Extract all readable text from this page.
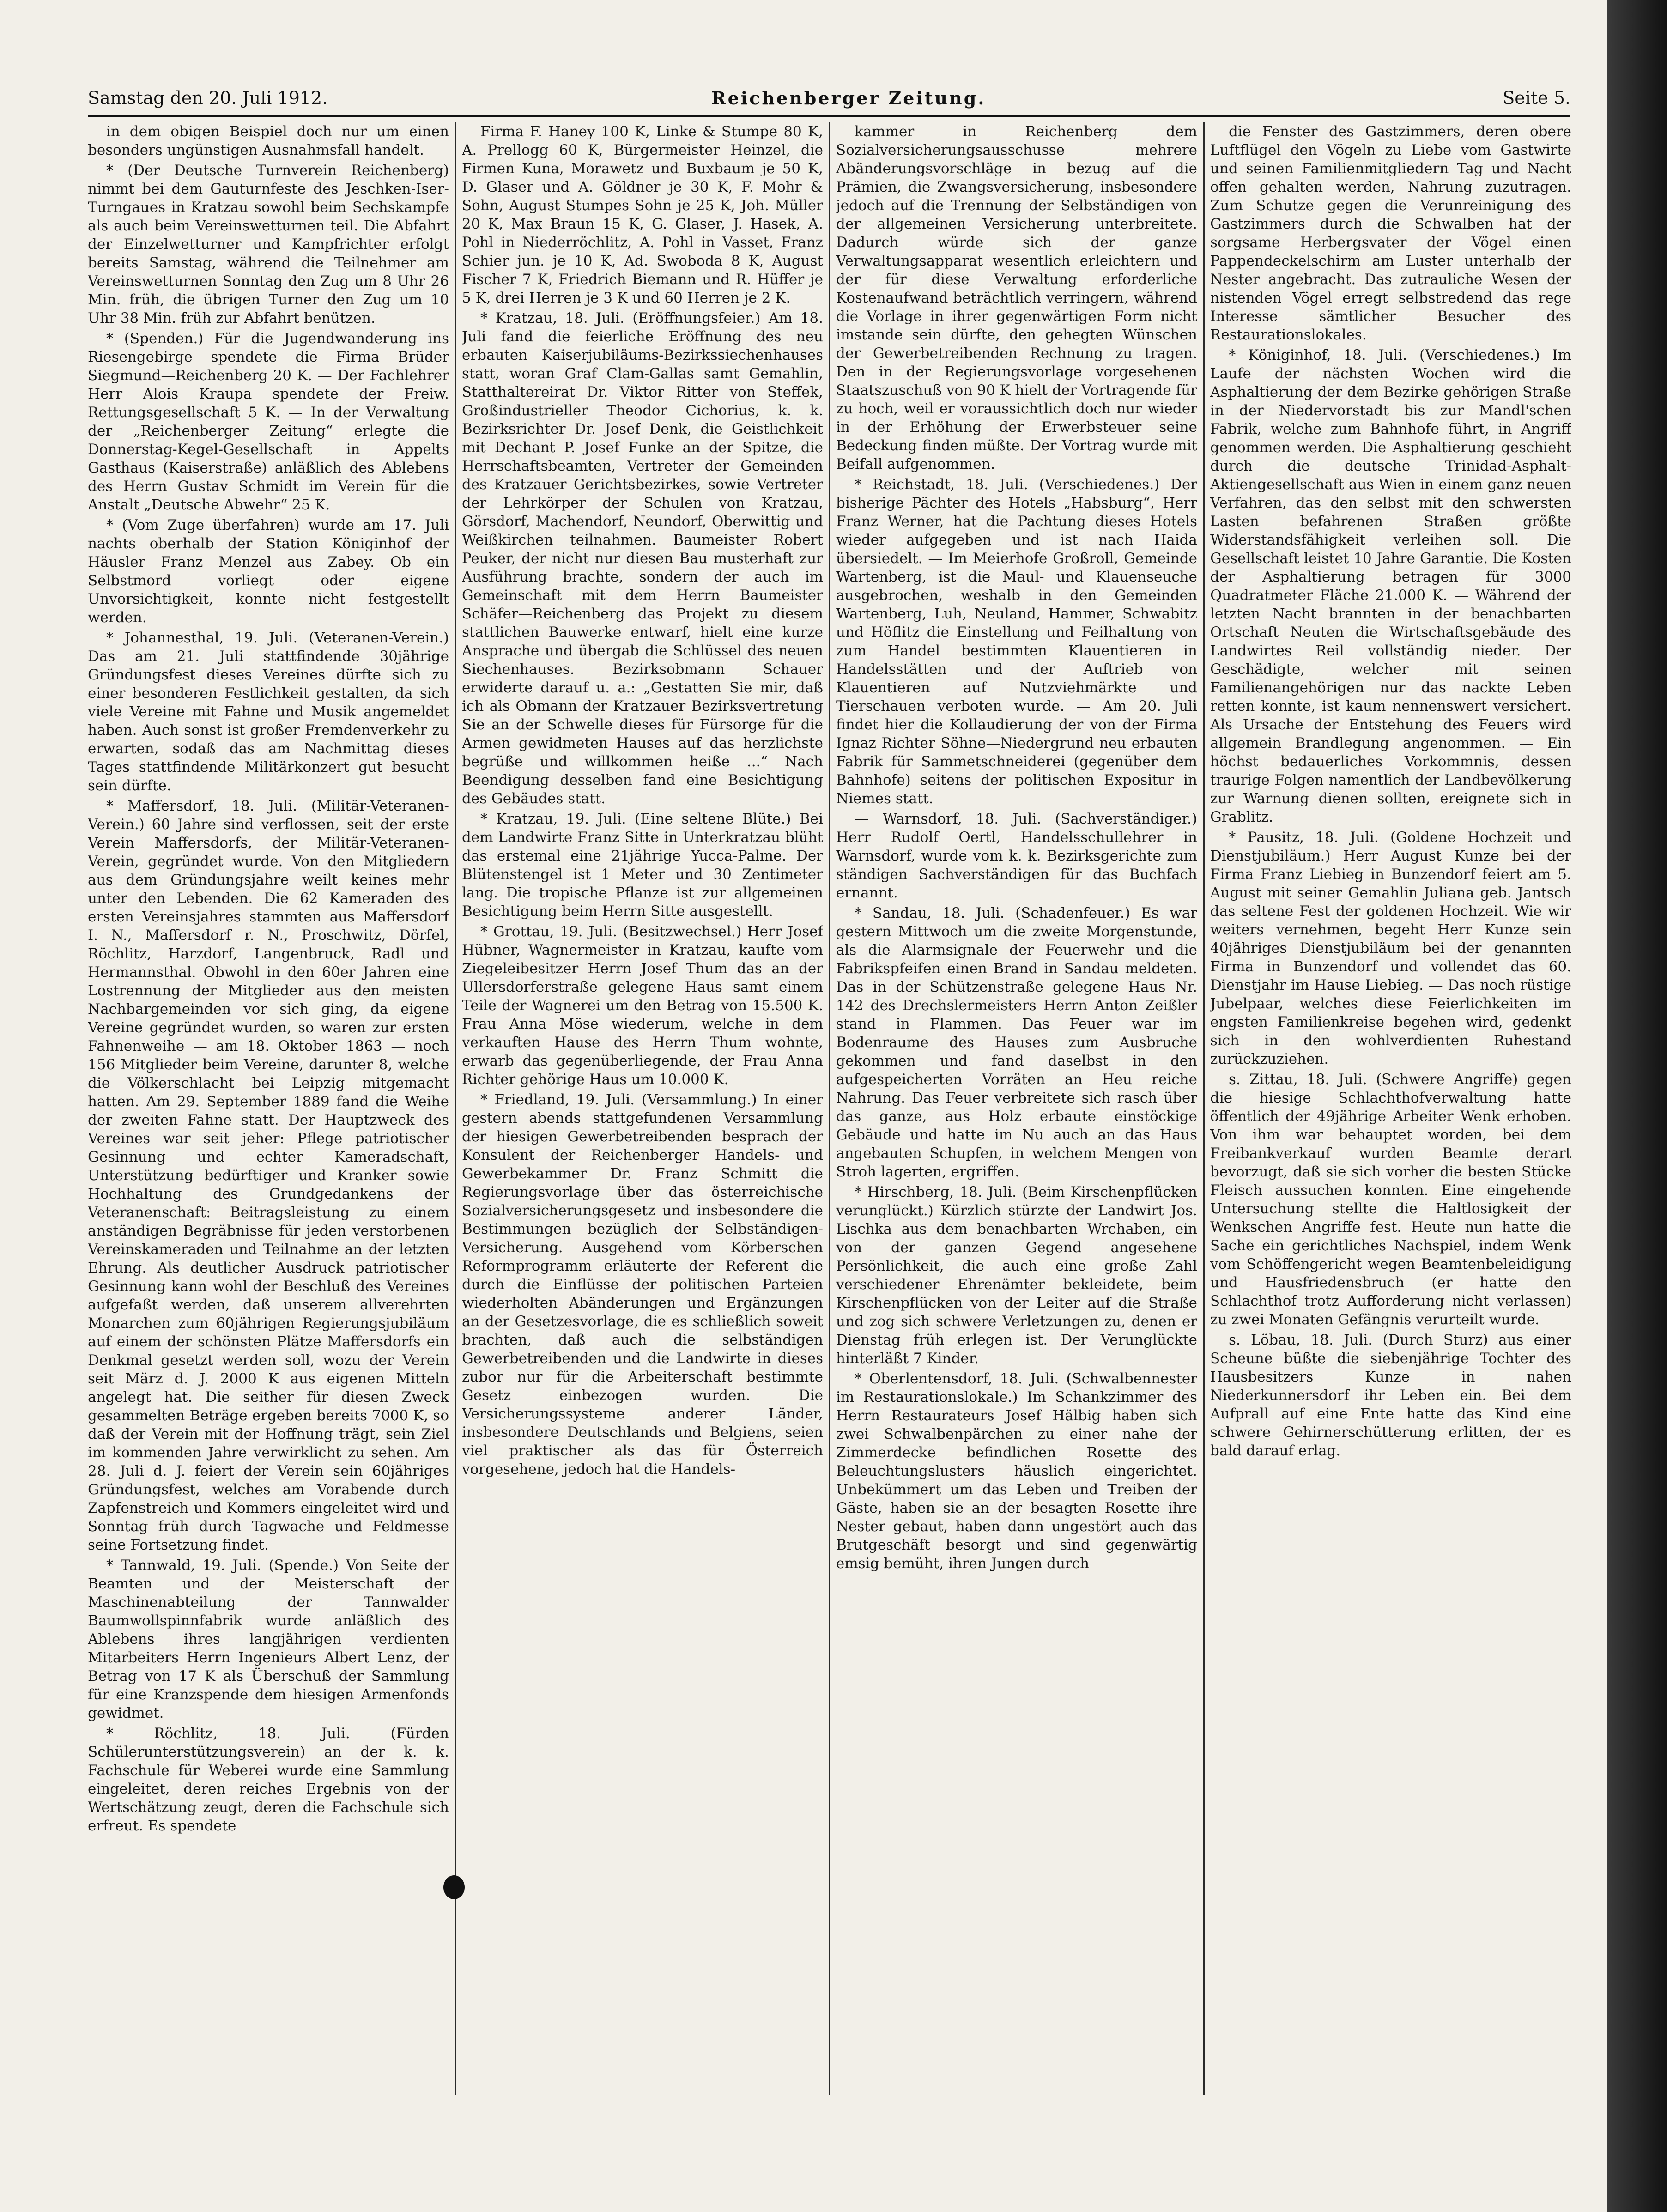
Samstag den 20. Juli 1912.	Reichenberger Zeitung.	Seite 5.

in dem obigen Beispiel doch nur um einen besonders ungünstigen Ausnahmsfall handelt.

* (Der Deutsche Turnverein Reichenberg) nimmt bei dem Gauturnfeste des Jeschken-Iser-Turngaues in Kratzau sowohl beim Sechskampfe als auch beim Vereinswetturnen teil. Die Abfahrt der Einzelwetturner und Kampfrichter erfolgt bereits Samstag, während die Teilnehmer am Vereinswetturnen Sonntag den Zug um 8 Uhr 26 Min. früh, die übrigen Turner den Zug um 10 Uhr 38 Min. früh zur Abfahrt benützen.

* (Spenden.) Für die Jugendwanderung ins Riesengebirge spendete die Firma Brüder Siegmund—Reichenberg 20 K. — Der Fachlehrer Herr Alois Kraupa spendete der Freiw. Rettungsgesellschaft 5 K. — In der Verwaltung der „Reichenberger Zeitung“ erlegte die Donnerstag-Kegel-Gesellschaft in Appelts Gasthaus (Kaiserstraße) anläßlich des Ablebens des Herrn Gustav Schmidt im Verein für die Anstalt „Deutsche Abwehr“ 25 K.

* (Vom Zuge überfahren) wurde am 17. Juli nachts oberhalb der Station Königinhof der Häusler Franz Menzel aus Zabey. Ob ein Selbstmord vorliegt oder eigene Unvorsichtigkeit, konnte nicht festgestellt werden.

* Johannesthal, 19. Juli. (Veteranen-Verein.) Das am 21. Juli stattfindende 30jährige Gründungsfest dieses Vereines dürfte sich zu einer besonderen Festlichkeit gestalten, da sich viele Vereine mit Fahne und Musik angemeldet haben. Auch sonst ist großer Fremdenverkehr zu erwarten, sodaß das am Nachmittag dieses Tages stattfindende Militärkonzert gut besucht sein dürfte.

* Maffersdorf, 18. Juli. (Militär-Veteranen-Verein.) 60 Jahre sind verflossen, seit der erste Verein Maffersdorfs, der Militär-Veteranen-Verein, gegründet wurde. Von den Mitgliedern aus dem Gründungsjahre weilt keines mehr unter den Lebenden. Die 62 Kameraden des ersten Vereinsjahres stammten aus Maffersdorf I. N., Maffersdorf r. N., Proschwitz, Dörfel, Röchlitz, Harzdorf, Langenbruck, Radl und Hermannsthal. Obwohl in den 60er Jahren eine Lostrennung der Mitglieder aus den meisten Nachbargemeinden vor sich ging, da eigene Vereine gegründet wurden, so waren zur ersten Fahnenweihe — am 18. Oktober 1863 — noch 156 Mitglieder beim Vereine, darunter 8, welche die Völkerschlacht bei Leipzig mitgemacht hatten. Am 29. September 1889 fand die Weihe der zweiten Fahne statt. Der Hauptzweck des Vereines war seit jeher: Pflege patriotischer Gesinnung und echter Kameradschaft, Unterstützung bedürftiger und Kranker sowie Hochhaltung des Grundgedankens der Veteranenschaft: Beitragsleistung zu einem anständigen Begräbnisse für jeden verstorbenen Vereinskameraden und Teilnahme an der letzten Ehrung. Als deutlicher Ausdruck patriotischer Gesinnung kann wohl der Beschluß des Vereines aufgefaßt werden, daß unserem allverehrten Monarchen zum 60jährigen Regierungsjubiläum auf einem der schönsten Plätze Maffersdorfs ein Denkmal gesetzt werden soll, wozu der Verein seit März d. J. 2000 K aus eigenen Mitteln angelegt hat. Die seither für diesen Zweck gesammelten Beträge ergeben bereits 7000 K, so daß der Verein mit der Hoffnung trägt, sein Ziel im kommenden Jahre verwirklicht zu sehen. Am 28. Juli d. J. feiert der Verein sein 60jähriges Gründungsfest, welches am Vorabende durch Zapfenstreich und Kommers eingeleitet wird und Sonntag früh durch Tagwache und Feldmesse seine Fortsetzung findet.

* Tannwald, 19. Juli. (Spende.) Von Seite der Beamten und der Meisterschaft der Maschinenabteilung der Tannwalder Baumwollspinnfabrik wurde anläßlich des Ablebens ihres langjährigen verdienten Mitarbeiters Herrn Ingenieurs Albert Lenz, der Betrag von 17 K als Überschuß der Sammlung für eine Kranzspende dem hiesigen Armenfonds gewidmet.

* Röchlitz, 18. Juli. (Fürden Schülerunterstützungsverein) an der k. k. Fachschule für Weberei wurde eine Sammlung eingeleitet, deren reiches Ergebnis von der Wertschätzung zeugt, deren die Fachschule sich erfreut. Es spendete

Firma F. Haney 100 K, Linke & Stumpe 80 K, A. Prellogg 60 K, Bürgermeister Heinzel, die Firmen Kuna, Morawetz und Buxbaum je 50 K, D. Glaser und A. Göldner je 30 K, F. Mohr & Sohn, August Stumpes Sohn je 25 K, Joh. Müller 20 K, Max Braun 15 K, G. Glaser, J. Hasek, A. Pohl in Niederröchlitz, A. Pohl in Vasset, Franz Schier jun. je 10 K, Ad. Swoboda 8 K, August Fischer 7 K, Friedrich Biemann und R. Hüffer je 5 K, drei Herren je 3 K und 60 Herren je 2 K.

* Kratzau, 18. Juli. (Eröffnungsfeier.) Am 18. Juli fand die feierliche Eröffnung des neu erbauten Kaiserjubiläums-Bezirkssiechenhauses statt, woran Graf Clam-Gallas samt Gemahlin, Statthaltereirat Dr. Viktor Ritter von Steffek, Großindustrieller Theodor Cichorius, k. k. Bezirksrichter Dr. Josef Denk, die Geistlichkeit mit Dechant P. Josef Funke an der Spitze, die Herrschaftsbeamten, Vertreter der Gemeinden des Kratzauer Gerichtsbezirkes, sowie Vertreter der Lehrkörper der Schulen von Kratzau, Görsdorf, Machendorf, Neundorf, Oberwittig und Weißkirchen teilnahmen. Baumeister Robert Peuker, der nicht nur diesen Bau musterhaft zur Ausführung brachte, sondern der auch im Gemeinschaft mit dem Herrn Baumeister Schäfer—Reichenberg das Projekt zu diesem stattlichen Bauwerke entwarf, hielt eine kurze Ansprache und übergab die Schlüssel des neuen Siechenhauses. Bezirksobmann Schauer erwiderte darauf u. a.: „Gestatten Sie mir, daß ich als Obmann der Kratzauer Bezirksvertretung Sie an der Schwelle dieses für Fürsorge für die Armen gewidmeten Hauses auf das herzlichste begrüße und willkommen heiße ...“ Nach Beendigung desselben fand eine Besichtigung des Gebäudes statt.

* Kratzau, 19. Juli. (Eine seltene Blüte.) Bei dem Landwirte Franz Sitte in Unterkratzau blüht das erstemal eine 21jährige Yucca-Palme. Der Blütenstengel ist 1 Meter und 30 Zentimeter lang. Die tropische Pflanze ist zur allgemeinen Besichtigung beim Herrn Sitte ausgestellt.

* Grottau, 19. Juli. (Besitzwechsel.) Herr Josef Hübner, Wagnermeister in Kratzau, kaufte vom Ziegeleibesitzer Herrn Josef Thum das an der Ullersdorferstraße gelegene Haus samt einem Teile der Wagnerei um den Betrag von 15.500 K. Frau Anna Möse wiederum, welche in dem verkauften Hause des Herrn Thum wohnte, erwarb das gegenüberliegende, der Frau Anna Richter gehörige Haus um 10.000 K.

* Friedland, 19. Juli. (Versammlung.) In einer gestern abends stattgefundenen Versammlung der hiesigen Gewerbetreibenden besprach der Konsulent der Reichenberger Handels- und Gewerbekammer Dr. Franz Schmitt die Regierungsvorlage über das österreichische Sozialversicherungsgesetz und insbesondere die Bestimmungen bezüglich der Selbständigen-Versicherung. Ausgehend vom Körberschen Reformprogramm erläuterte der Referent die durch die Einflüsse der politischen Parteien wiederholten Abänderungen und Ergänzungen an der Gesetzesvorlage, die es schließlich soweit brachten, daß auch die selbständigen Gewerbetreibenden und die Landwirte in dieses zubor nur für die Arbeiterschaft bestimmte Gesetz einbezogen wurden. Die Versicherungssysteme anderer Länder, insbesondere Deutschlands und Belgiens, seien viel praktischer als das für Österreich vorgesehene, jedoch hat die Handels-

kammer in Reichenberg dem Sozialversicherungsausschusse mehrere Abänderungsvorschläge in bezug auf die Prämien, die Zwangsversicherung, insbesondere jedoch auf die Trennung der Selbständigen von der allgemeinen Versicherung unterbreitete. Dadurch würde sich der ganze Verwaltungsapparat wesentlich erleichtern und der für diese Verwaltung erforderliche Kostenaufwand beträchtlich verringern, während die Vorlage in ihrer gegenwärtigen Form nicht imstande sein dürfte, den gehegten Wünschen der Gewerbetreibenden Rechnung zu tragen. Den in der Regierungsvorlage vorgesehenen Staatszuschuß von 90 K hielt der Vortragende für zu hoch, weil er voraussichtlich doch nur wieder in der Erhöhung der Erwerbsteuer seine Bedeckung finden müßte. Der Vortrag wurde mit Beifall aufgenommen.

* Reichstadt, 18. Juli. (Verschiedenes.) Der bisherige Pächter des Hotels „Habsburg“, Herr Franz Werner, hat die Pachtung dieses Hotels wieder aufgegeben und ist nach Haida übersiedelt. — Im Meierhofe Großroll, Gemeinde Wartenberg, ist die Maul- und Klauenseuche ausgebrochen, weshalb in den Gemeinden Wartenberg, Luh, Neuland, Hammer, Schwabitz und Höflitz die Einstellung und Feilhaltung von zum Handel bestimmten Klauentieren in Handelsstätten und der Auftrieb von Klauentieren auf Nutzviehmärkte und Tierschauen verboten wurde. — Am 20. Juli findet hier die Kollaudierung der von der Firma Ignaz Richter Söhne—Niedergrund neu erbauten Fabrik für Sammetschneiderei (gegenüber dem Bahnhofe) seitens der politischen Expositur in Niemes statt.

— Warnsdorf, 18. Juli. (Sachverständiger.) Herr Rudolf Oertl, Handelsschullehrer in Warnsdorf, wurde vom k. k. Bezirksgerichte zum ständigen Sachverständigen für das Buchfach ernannt.

* Sandau, 18. Juli. (Schadenfeuer.) Es war gestern Mittwoch um die zweite Morgenstunde, als die Alarmsignale der Feuerwehr und die Fabrikspfeifen einen Brand in Sandau meldeten. Das in der Schützenstraße gelegene Haus Nr. 142 des Drechslermeisters Herrn Anton Zeißler stand in Flammen. Das Feuer war im Bodenraume des Hauses zum Ausbruche gekommen und fand daselbst in den aufgespeicherten Vorräten an Heu reiche Nahrung. Das Feuer verbreitete sich rasch über das ganze, aus Holz erbaute einstöckige Gebäude und hatte im Nu auch an das Haus angebauten Schupfen, in welchem Mengen von Stroh lagerten, ergriffen.

* Hirschberg, 18. Juli. (Beim Kirschenpflücken verunglückt.) Kürzlich stürzte der Landwirt Jos. Lischka aus dem benachbarten Wrchaben, ein von der ganzen Gegend angesehene Persönlichkeit, die auch eine große Zahl verschiedener Ehrenämter bekleidete, beim Kirschenpflücken von der Leiter auf die Straße und zog sich schwere Verletzungen zu, denen er Dienstag früh erlegen ist. Der Verunglückte hinterläßt 7 Kinder.

* Oberlentensdorf, 18. Juli. (Schwalbennester im Restaurationslokale.) Im Schankzimmer des Herrn Restaurateurs Josef Hälbig haben sich zwei Schwalbenpärchen zu einer nahe der Zimmerdecke befindlichen Rosette des Beleuchtungslusters häuslich eingerichtet. Unbekümmert um das Leben und Treiben der Gäste, haben sie an der besagten Rosette ihre Nester gebaut, haben dann ungestört auch das Brutgeschäft besorgt und sind gegenwärtig emsig bemüht, ihren Jungen durch

die Fenster des Gastzimmers, deren obere Luftflügel den Vögeln zu Liebe vom Gastwirte und seinen Familienmitgliedern Tag und Nacht offen gehalten werden, Nahrung zuzutragen. Zum Schutze gegen die Verunreinigung des Gastzimmers durch die Schwalben hat der sorgsame Herbergsvater der Vögel einen Pappendeckelschirm am Luster unterhalb der Nester angebracht. Das zutrauliche Wesen der nistenden Vögel erregt selbstredend das rege Interesse sämtlicher Besucher des Restaurationslokales.

* Königinhof, 18. Juli. (Verschiedenes.) Im Laufe der nächsten Wochen wird die Asphaltierung der dem Bezirke gehörigen Straße in der Niedervorstadt bis zur Mandl'schen Fabrik, welche zum Bahnhofe führt, in Angriff genommen werden. Die Asphaltierung geschieht durch die deutsche Trinidad-Asphalt-Aktiengesellschaft aus Wien in einem ganz neuen Verfahren, das den selbst mit den schwersten Lasten befahrenen Straßen größte Widerstandsfähigkeit verleihen soll. Die Gesellschaft leistet 10 Jahre Garantie. Die Kosten der Asphaltierung betragen für 3000 Quadratmeter Fläche 21.000 K. — Während der letzten Nacht brannten in der benachbarten Ortschaft Neuten die Wirtschaftsgebäude des Landwirtes Reil vollständig nieder. Der Geschädigte, welcher mit seinen Familienangehörigen nur das nackte Leben retten konnte, ist kaum nennenswert versichert. Als Ursache der Entstehung des Feuers wird allgemein Brandlegung angenommen. — Ein höchst bedauerliches Vorkommnis, dessen traurige Folgen namentlich der Landbevölkerung zur Warnung dienen sollten, ereignete sich in Grablitz.

* Pausitz, 18. Juli. (Goldene Hochzeit und Dienstjubiläum.) Herr August Kunze bei der Firma Franz Liebieg in Bunzendorf feiert am 5. August mit seiner Gemahlin Juliana geb. Jantsch das seltene Fest der goldenen Hochzeit. Wie wir weiters vernehmen, begeht Herr Kunze sein 40jähriges Dienstjubiläum bei der genannten Firma in Bunzendorf und vollendet das 60. Dienstjahr im Hause Liebieg. — Das noch rüstige Jubelpaar, welches diese Feierlichkeiten im engsten Familienkreise begehen wird, gedenkt sich in den wohlverdienten Ruhestand zurückzuziehen.

s. Zittau, 18. Juli. (Schwere Angriffe) gegen die hiesige Schlachthofverwaltung hatte öffentlich der 49jährige Arbeiter Wenk erhoben. Von ihm war behauptet worden, bei dem Freibankverkauf wurden Beamte derart bevorzugt, daß sie sich vorher die besten Stücke Fleisch aussuchen konnten. Eine eingehende Untersuchung stellte die Haltlosigkeit der Wenkschen Angriffe fest. Heute nun hatte die Sache ein gerichtliches Nachspiel, indem Wenk vom Schöffengericht wegen Beamtenbeleidigung und Hausfriedensbruch (er hatte den Schlachthof trotz Aufforderung nicht verlassen) zu zwei Monaten Gefängnis verurteilt wurde.

s. Löbau, 18. Juli. (Durch Sturz) aus einer Scheune büßte die siebenjährige Tochter des Hausbesitzers Kunze in nahen Niederkunnersdorf ihr Leben ein. Bei dem Aufprall auf eine Ente hatte das Kind eine schwere Gehirnerschütterung erlitten, der es bald darauf erlag.
